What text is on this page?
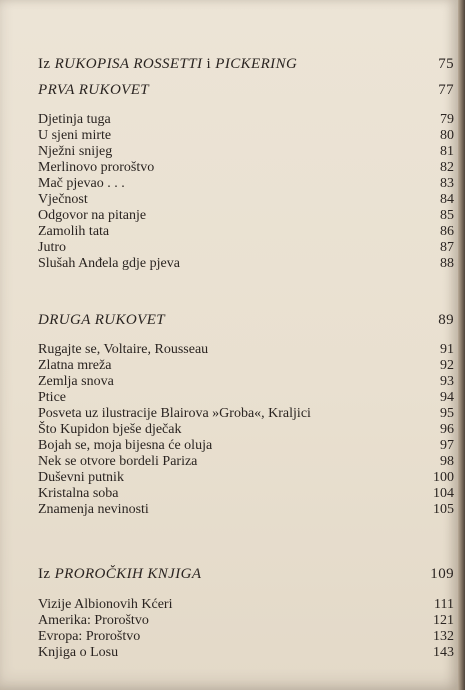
Iz RUKOPISA ROSSETTI i PICKERING	75
PRVA RUKOVET	77
Djetinja tuga	79
U sjeni mirte	80
Nježni snijeg	81
Merlinovo proroštvo	82
Mač pjevao . . .	83
Vječnost	84
Odgovor na pitanje	85
Zamolih tata	86
Jutro	87
Slušah Anđela gdje pjeva	88
DRUGA RUKOVET	89
Rugajte se, Voltaire, Rousseau	91
Zlatna mreža	92
Zemlja snova	93
Ptice	94
Posveta uz ilustracije Blairova »Groba«, Kraljici	95
Što Kupidon bješe dječak	96
Bojah se, moja bijesna će oluja	97
Nek se otvore bordeli Pariza	98
Duševni putnik	100
Kristalna soba	104
Znamenja nevinosti	105
Iz PROROČKIH KNJIGA	109
Vizije Albionovih Kćeri	111
Amerika: Proroštvo	121
Evropa: Proroštvo	132
Knjiga o Losu	143
